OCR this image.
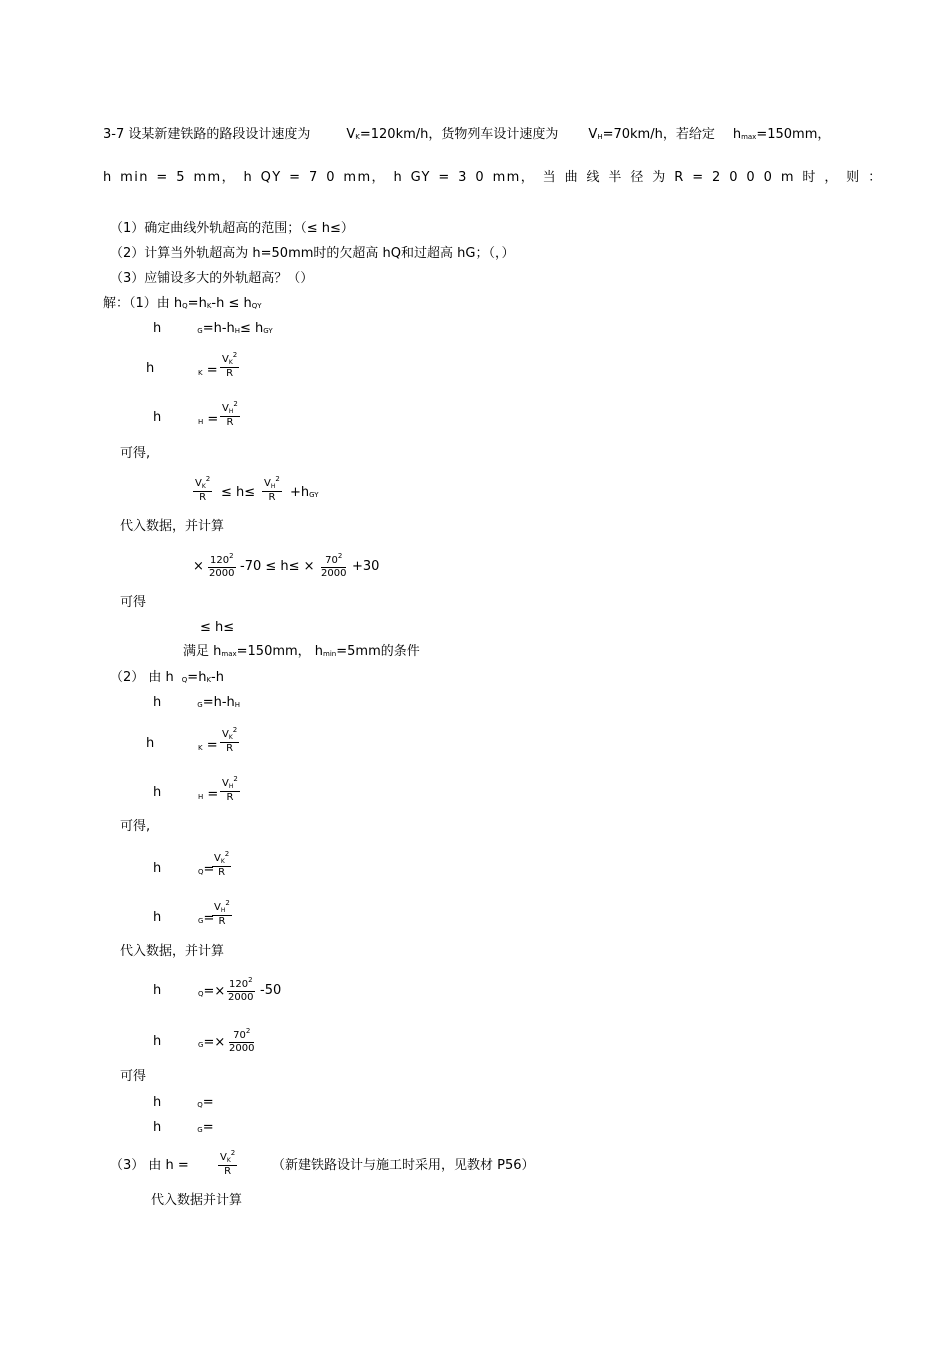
3-7 设某新建铁路的路段设计速度为	VK=120km/h，货物列车设计速度为 VH=70km/h，若给定 hmax=150mm，
h min = 5 mm， h QY = 7 0 mm， h GY = 3 0 mm， 当 曲 线 半 径 为 R = 2 0 0 0 m 时 ， 则 ：
（1）确定曲线外轨超高的范围；（≤ h≤）
（2）计算当外轨超高为 h=50mm时的欠超高 hQ和过超高 hG；（，）
（3）应铺设多大的外轨超高？（）
解：（1）由 hQ=hK-h ≤ hQY
h	G=h-hH≤ hGY
h	$K = \frac{V_K^2}{R}$
h	$H = \frac{V_H^2}{R}$
可得,
$\frac{V_K^2}{R} \le h\le \frac{V_H^2}{R} +hGY$
代入数据，并计算
× $\frac{120^2}{2000} -70 \le h\le \times \frac{70^2}{2000} +30$
可得
≤ h≤
满足 hmax=150mm， hmin=5mm的条件
（2） 由 h Q=hK-h
h	G=h-hH
h	$K = \frac{V_K^2}{R}$
h	$H = \frac{V_H^2}{R}$
可得,
h	Q=
$\frac{V_K^2}{R}$
h	G=
$\frac{V_H^2}{R}$
代入数据，并计算
h	$Q=\times \frac{120^2}{2000} -50$
h	$G=\times \frac{70^2}{2000}$
可得
h	Q=
h	G=
（3） 由 h =	$\frac{V_K^2}{R}$	（新建铁路设计与施工时采用，见教材 P56）
代入数据并计算
